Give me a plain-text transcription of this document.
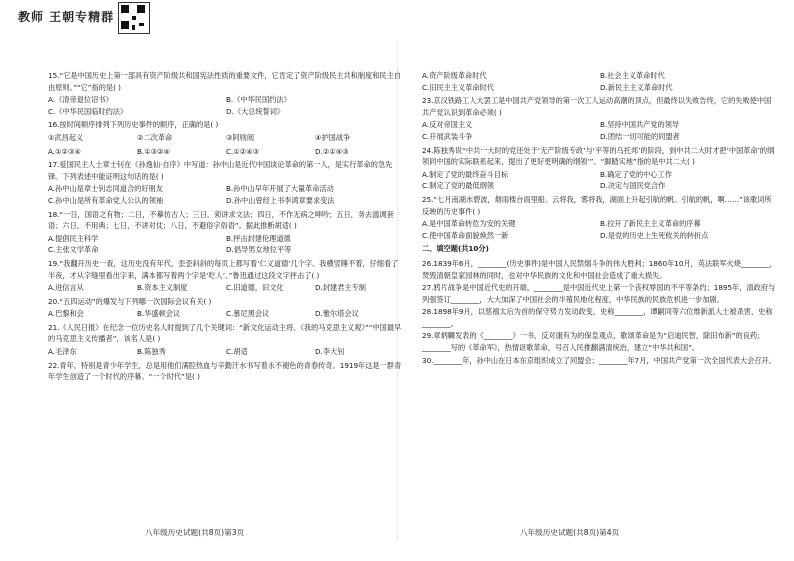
教师 王朝专精群
15.“它是中国历史上第一部具有资产阶级共和国宪法性质的重要文件，它肯定了资产阶级民主共和制度和民主自由原则。”“它”指的是( )
A.《清帝退位诏书》	B.《中华民国约法》
C.《中华民国临时约法》	D.《大总统誓词》
16.按时间顺序排列下列历史事件的顺序，正确的是( )
①武昌起义	②二次革命	③阿则阅	④护国战争
A.①②③④	B.①③②④	C.①②④③	D.②①④③
17.爱国民主人士章士钊在《孙逸仙·自序》中写道：孙中山是近代中国谈论革命的第一人，是实行革命的急先锋。下列表述中能证明这句话的是( )
A.孙中山是章士钊志同道合的好朋友	B.孙中山早年开展了大量革命活动
C.孙中山是所有革命党人公认的领袖	D.孙中山曾经上书李鸿章要求变法
18.“一日，国语之有物；二日，不摹仿古人；三日，须讲求文法；四日，不作无病之呻吟；五日，务去滥调套语；六日，不用典；七日，不讲对仗；八日，不避俗字俗语”。据此推断胡适( )
A.提倡民主科学	B.抨击封建伦理道德
C.主张文学革命	D.倡导男女地位平等
19.“我翻开历史一查，这历史没有年代，歪歪斜斜的每页上都写着‘仁义道德’几个字。我横竖睡不着，仔细看了半夜，才从字缝里看出字来，满本都写着两个字是‘吃人’。”鲁迅通过这段文字抨击了( )
A.进信言从	B.资本主义制度	C.旧道德，旧文化	D.封建君主专制
20.“五四运动”的爆发与下列哪一次国际会议有关( )
A.巴黎和会	B.华盛顿会议	C.慕尼黑会议	D.雅尔塔会议
21.《人民日报》在纪念一位历史名人时提到了几个关键词：“新文化运动主将、《我的马克思主义观》”“中国最早的马克思主义传播者”，该名人是( )
A.毛泽东	B.陈独秀	C.胡适	D.李大钊
22.青年，特别是青少年学生，总是用他们满腔热血与辛勤汗水书写着永不褪色的青春传奇。1919年这是一群青年学生创造了一个时代的序幕。“一个时代”是( )
A.资产阶级革命时代	B.社会主义革命时代
C.旧民主主义革命时代	D.新民主主义革命时代
23.京汉铁路工人大罢工是中国共产党领导的第一次工人运动高潮的顶点，但最终以失败告终，它的失败使中国共产党认识到革命必须( )
A.反对帝国主义	B.坚持中国共产党的领导
C.开展武装斗争	D.团结一切可能的同盟者
24.陈独秀说“中共一大时的党还处于‘无产阶级专政’与‘平等的乌托邦’的阶段，到中共二大时才把‘中国革命’的纲领同中国的实际联系起来，提出了更好更明确的纲领’”。“脚踏实地”指的是中共二大( )
A.制定了党的最终奋斗目标	B.确定了党的中心工作
C.制定了党的最低纲领	D.决定与国民党合作
25.“七月南湖水碧波，烟雨楼台雨里船。云将我，雾将我，湖面上升起引航的帆。引航的帆，啊……”该歌词所反映的历史事件( )
A.是中国革命转危为安的关键	B.拉开了新民主主义革命的序幕
C.使中国革命面貌焕然一新	D.是党的历史上生死攸关的转折点
二、填空题(共10分)
26.1839年6月，________(历史事件)是中国人民禁烟斗争的伟大胜利；1860年10月，英法联军火烧________，焚毁清朝皇家园林的同时，也对中华民族的文化和中国社会造成了重大损失。
27.鸦片战争是中国近代史的开端，________是中国近代史上第一个丧权辱国的不平等条约；1895年，清政府与列强签订________，大大加深了中国社会的半殖民地化程度，中华民族的民族危机进一步加剧。
28.1898年9月，以慈禧太后为首的保守势力发动政变，史称________，谭嗣同等六位维新派人士被杀害，史称________。
29.章炳麟发表的《________》一书，反对康有为的保皇观点，歌颂革命是为“启迪民智，除旧布新”的良药；________写的《革命军》，热情讴歌革命，号召人民推翻满清统治，建立“中华共和国”。
30.________年，孙中山在日本东京组织成立了同盟会；________年7月，中国共产党第一次全国代表大会召开。
八年级历史试题(共8页)第3页	八年级历史试题(共8页)第4页
